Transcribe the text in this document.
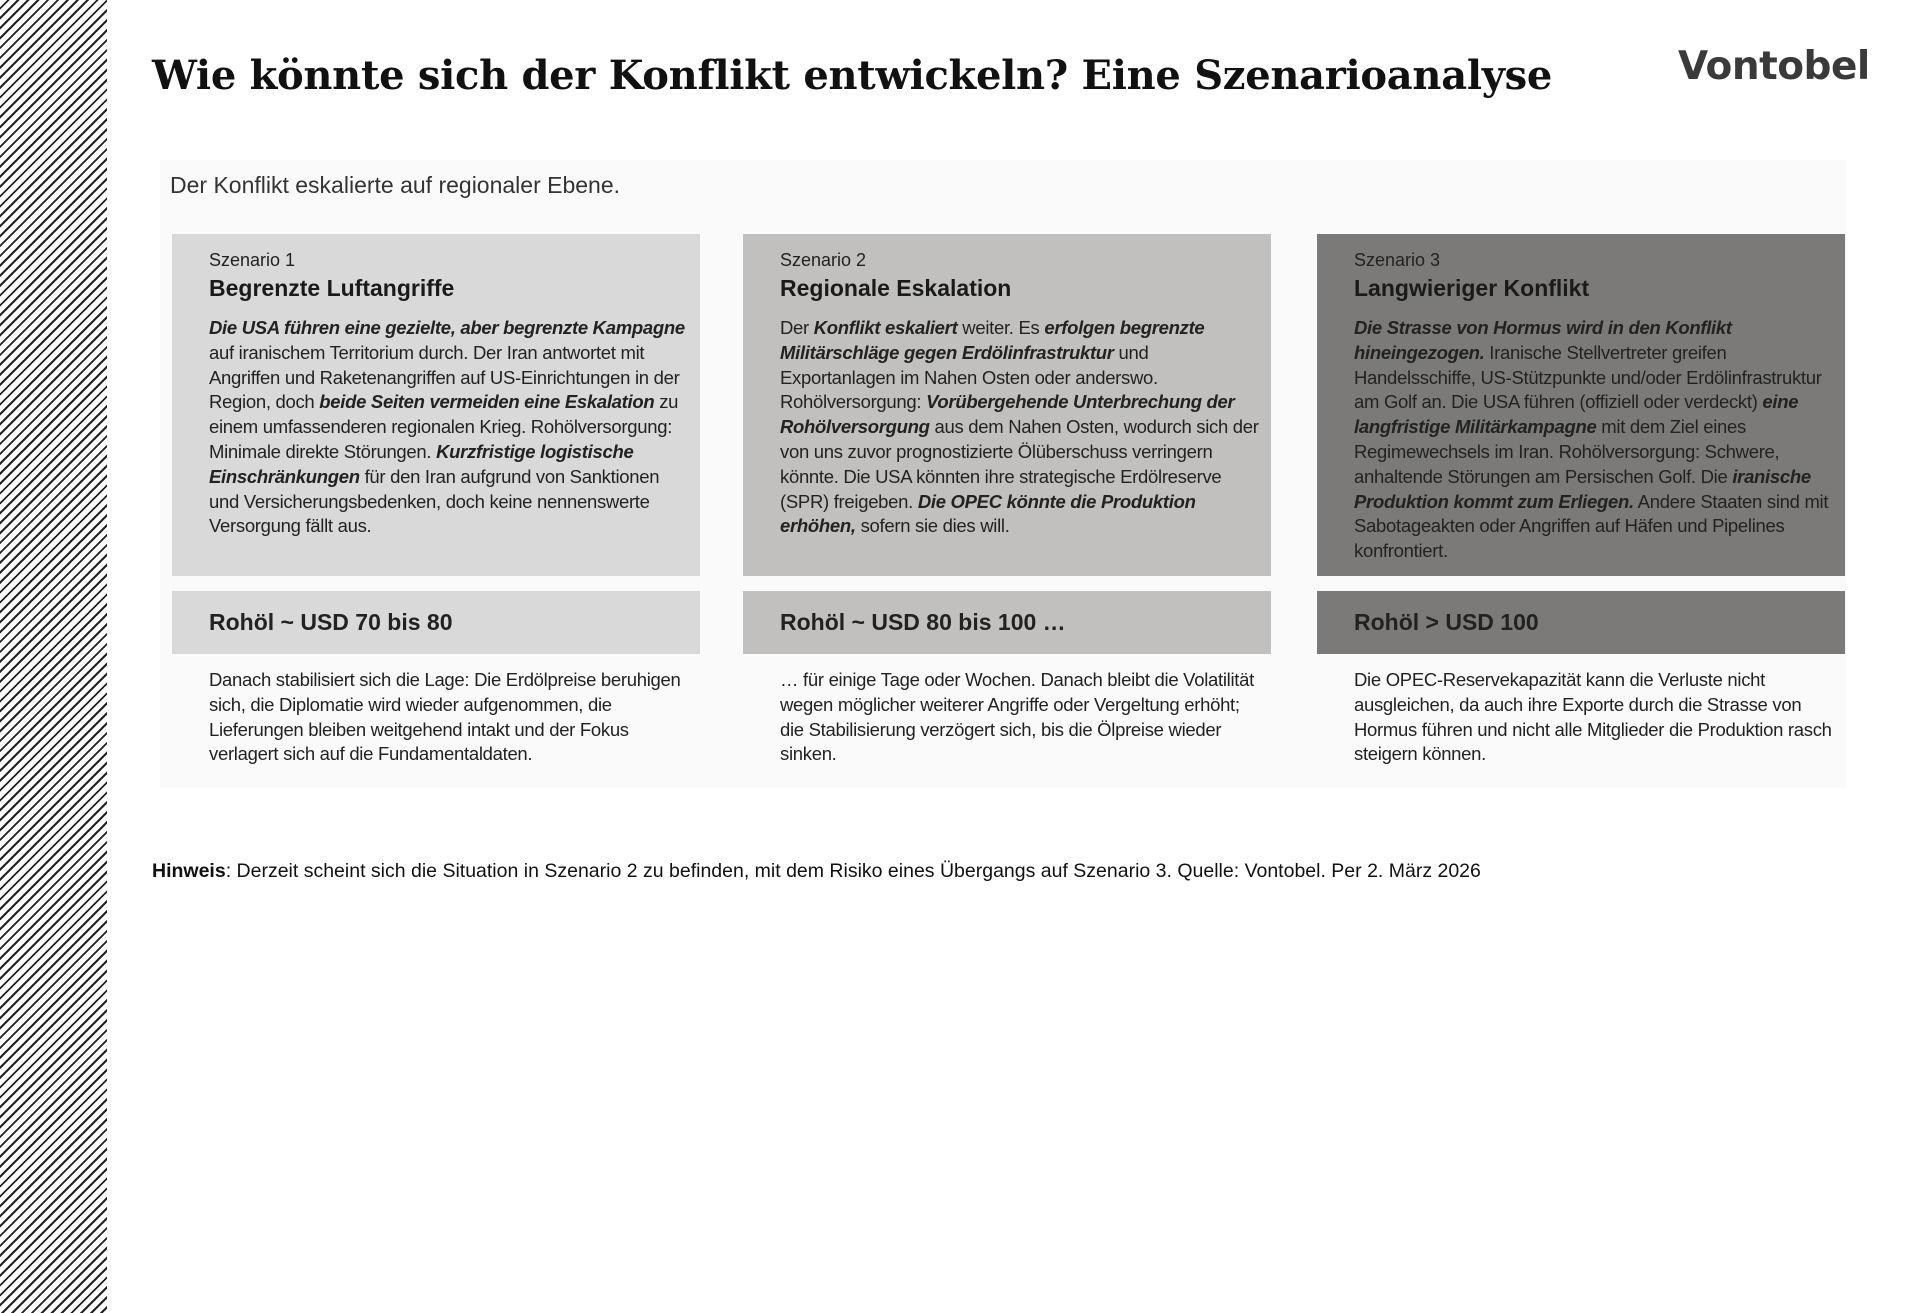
Wie könnte sich der Konflikt entwickeln? Eine Szenarioanalyse	Vontobel
Der Konflikt eskalierte auf regionaler Ebene.
Szenario 1
Begrenzte Luftangriffe
Die USA führen eine gezielte, aber begrenzte Kampagne auf iranischem Territorium durch. Der Iran antwortet mit Angriffen und Raketenangriffen auf US-Einrichtungen in der Region, doch beide Seiten vermeiden eine Eskalation zu einem umfassenderen regionalen Krieg. Rohölversorgung: Minimale direkte Störungen. Kurzfristige logistische Einschränkungen für den Iran aufgrund von Sanktionen und Versicherungsbedenken, doch keine nennenswerte Versorgung fällt aus.
Rohöl ~ USD 70 bis 80
Danach stabilisiert sich die Lage: Die Erdölpreise beruhigen sich, die Diplomatie wird wieder aufgenommen, die Lieferungen bleiben weitgehend intakt und der Fokus verlagert sich auf die Fundamentaldaten.
Szenario 2
Regionale Eskalation
Der Konflikt eskaliert weiter. Es erfolgen begrenzte Militärschläge gegen Erdölinfrastruktur und Exportanlagen im Nahen Osten oder anderswo. Rohölversorgung: Vorübergehende Unterbrechung der Rohölversorgung aus dem Nahen Osten, wodurch sich der von uns zuvor prognostizierte Ölüberschuss verringern könnte. Die USA könnten ihre strategische Erdölreserve (SPR) freigeben. Die OPEC könnte die Produktion erhöhen, sofern sie dies will.
Rohöl ~ USD 80 bis 100 …
… für einige Tage oder Wochen. Danach bleibt die Volatilität wegen möglicher weiterer Angriffe oder Vergeltung erhöht; die Stabilisierung verzögert sich, bis die Ölpreise wieder sinken.
Szenario 3
Langwieriger Konflikt
Die Strasse von Hormus wird in den Konflikt hineingezogen. Iranische Stellvertreter greifen Handelsschiffe, US-Stützpunkte und/oder Erdölinfrastruktur am Golf an. Die USA führen (offiziell oder verdeckt) eine langfristige Militärkampagne mit dem Ziel eines Regimewechsels im Iran. Rohölversorgung: Schwere, anhaltende Störungen am Persischen Golf. Die iranische Produktion kommt zum Erliegen. Andere Staaten sind mit Sabotageakten oder Angriffen auf Häfen und Pipelines konfrontiert.
Rohöl > USD 100
Die OPEC-Reservekapazität kann die Verluste nicht ausgleichen, da auch ihre Exporte durch die Strasse von Hormus führen und nicht alle Mitglieder die Produktion rasch steigern können.
Hinweis: Derzeit scheint sich die Situation in Szenario 2 zu befinden, mit dem Risiko eines Übergangs auf Szenario 3. Quelle: Vontobel. Per 2. März 2026
